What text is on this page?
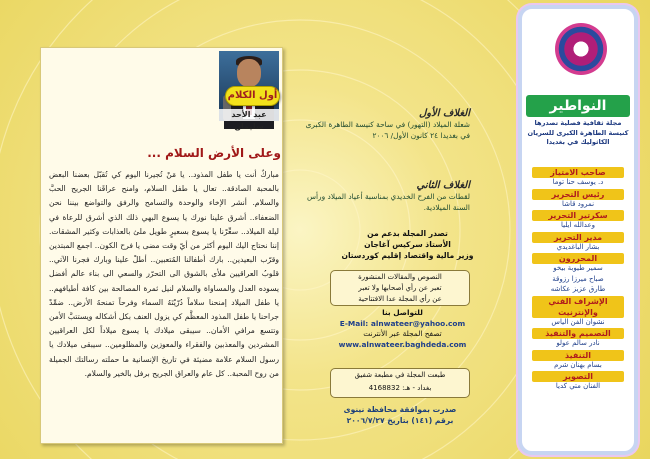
عبد الأحد سليمان
أول الكلام
وعلى الأرض السلام ...
مباركٌ أنت يا طفل المذود.. يا مَنْ تُجيرنا اليوم كي تُقبّل بعضنا البعض بالمحبة الصادقة.. تعال يا طفل السلام، وامنح عراقَنا الجريح الحبَّ والسلام. أنشر الإخاء والوحدة والتسامح والرفق والتواضع بيننا نحن الضعفاء.. أشرق علينا نورك يا يسوع البهي ذلك الذي أشرق للرعاة في ليلة الميلاد.. سعِّرْنا يا يسوع بسعيرٍ طويل ملئ بالعذابات وكثير المشقات. إننا نحتاج اليك اليوم أكثر من أيّ وقت مضى يا فرح الكون.. اجمع المبتدين وقرّب البعيدين.. بارك أطفالنا المُتعبين.. أطلْ علينا وبارك فجرنا الآتي.. قلوبُ العراقيين ملأى بالشوق الى التحرّر والسعي الى بناء عالم أفضل يسوده العدل والمساواة والسلام لنيل ثمرة المصالحة بين كافة أطيافهم.. يا طفل الميلاد إمنحنا سلاماً دُرّيْتَهُ السماء وفرحاً تمنحهُ الأرض.. ضمِّدْ جراحنا يا طفل المذود المعظَّم كي يزول العنف بكل أشكاله ويستتبَّ الأمن وتتسع مرافي الأمان.. سيبقى ميلادك يا يسوع ميلاداً لكل العراقيين المشردين والمعذبين والفقراء والمعوزين والمظلومين.. سيبقى ميلادك يا رسول السلام علامة مضيئة في تاريخ الإنسانية ما حملته رسالتك الجميلة من روح المحبة.. كل عام والعراق الجريح برفل بالخير والسلام.
الغلاف الأول
شعلة الميلاد (التهور) في ساحة كنيسة الطاهرة الكبرى في بغديدا ٢٤ كانون الأول/ ٢٠٠٦
الغلاف الثاني
لقطات من الفرح الخديدي بمناسبة أعياد الميلاد ورأس السنة الميلادية.
تصدر المجلة بدعم من
الأستاذ سركيس آغاجان
وزير مالية واقتصاد إقليم كوردستان
النصوص والمقالات المنشورة
تعبر عن رأي أصحابها ولا تعبر
عن رأي المجلة عدا الافتتاحية
للتواصل بنا
E-Mail: alnwateer@yahoo.com
تصفح المجلة عبر الأنترنت
www.alnwateer.baghdeda.com
طبعت المجلة في مطبعة شفيق
بغداد - هـ: 4168832
صدرت بموافقة محافظة نينوى
برقم (١٤١) بتاريخ ٢٠٠٦/٧/٢٧
النواطير
مجلة ثقافية فصلية تصدرها كنيسة الطاهرة الكبرى للسريان الكاثوليك في بغديدا
صاحب الامتياز
د. يوسف حنا توما
رئيس التحرير
نمرود قاشا
سكرتير التحرير
وعدالله ايليا
مدير التحرير
بشار الباغديدي
المحررون
سمير طيوبة بيخو
صباح ميرزا رزوقة
طارق عزيز عكاشه
الإشراف الفني والإنترنيت
نشوان الفن الياس
التصميم والتنفيذ
نادر سالم عولو
التنفيذ
بسام بهنان شرم
التصوير
الفنان متي كديا
